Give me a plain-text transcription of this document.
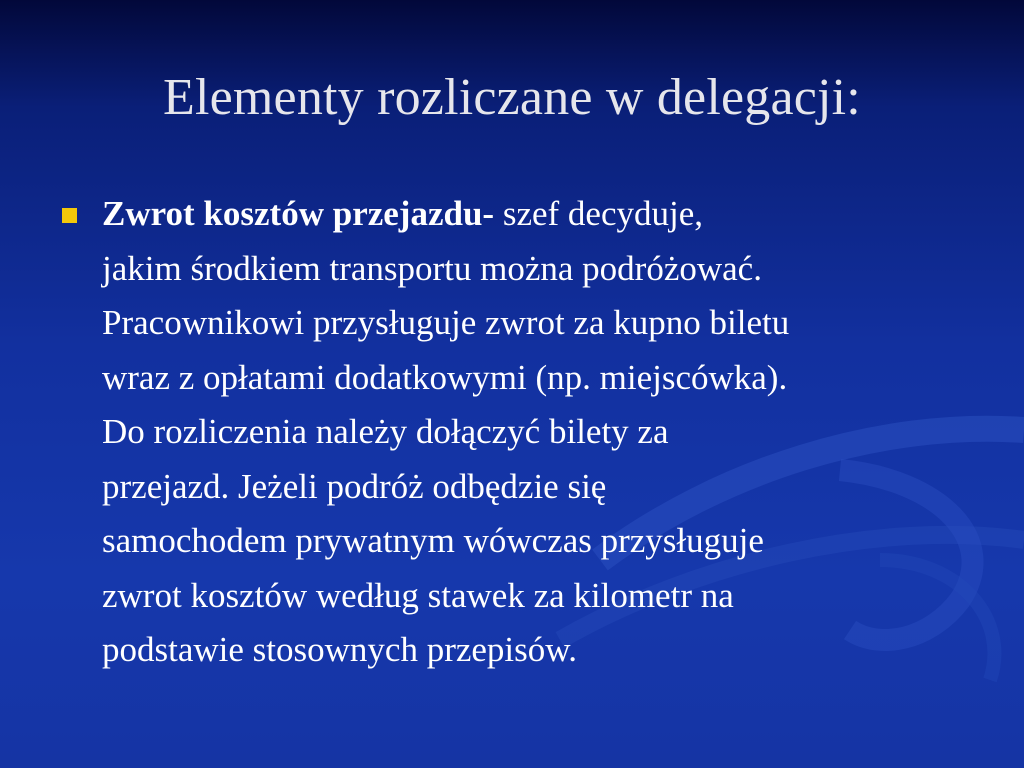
Elementy rozliczane w delegacji:

Zwrot kosztów przejazdu- szef decyduje,
jakim środkiem transportu można podróżować.
Pracownikowi przysługuje zwrot za kupno biletu
wraz z opłatami dodatkowymi (np. miejscówka).
Do rozliczenia należy dołączyć bilety za
przejazd. Jeżeli podróż odbędzie się
samochodem prywatnym wówczas przysługuje
zwrot kosztów według stawek za kilometr na
podstawie stosownych przepisów.
